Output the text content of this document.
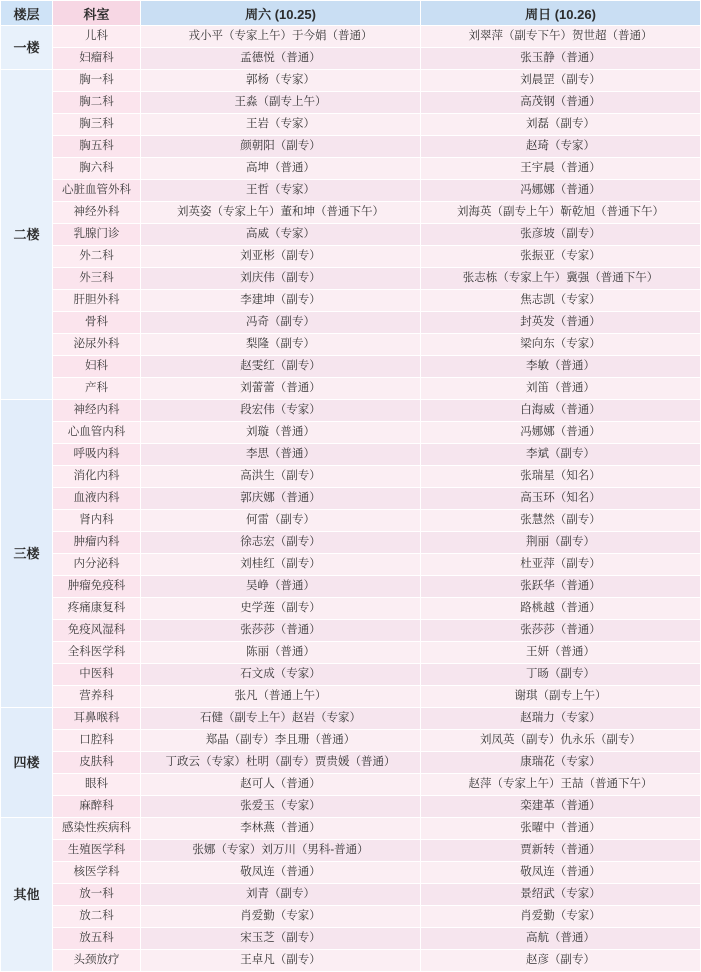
楼层	科室	周六 (10.25)	周日 (10.26)
一楼	儿科	戎小平（专家上午）于今娟（普通）	刘翠萍（副专下午）贺世超（普通）
	妇瘤科	孟德悦（普通）	张玉静（普通）
二楼	胸一科	郭杨（专家）	刘晨罡（副专）
	胸二科	王淼（副专上午）	高茂钢（普通）
	胸三科	王岩（专家）	刘磊（副专）
	胸五科	颜朝阳（副专）	赵琦（专家）
	胸六科	高坤（普通）	王宇晨（普通）
	心脏血管外科	王哲（专家）	冯娜娜（普通）
	神经外科	刘英姿（专家上午）董和坤（普通下午）	刘海英（副专上午）靳乾旭（普通下午）
	乳腺门诊	高威（专家）	张彦坡（副专）
	外二科	刘亚彬（副专）	张振亚（专家）
	外三科	刘庆伟（副专）	张志栋（专家上午）冀强（普通下午）
	肝胆外科	李建坤（副专）	焦志凯（专家）
	骨科	冯奇（副专）	封英发（普通）
	泌尿外科	梨隆（副专）	梁向东（专家）
	妇科	赵雯红（副专）	李敏（普通）
	产科	刘蕾蕾（普通）	刘笛（普通）
三楼	神经内科	段宏伟（专家）	白海威（普通）
	心血管内科	刘璇（普通）	冯娜娜（普通）
	呼吸内科	李思（普通）	李斌（副专）
	消化内科	高洪生（副专）	张瑞星（知名）
	血液内科	郭庆娜（普通）	高玉环（知名）
	肾内科	何雷（副专）	张慧然（副专）
	肿瘤内科	徐志宏（副专）	荆丽（副专）
	内分泌科	刘桂红（副专）	杜亚萍（副专）
	肿瘤免疫科	吴峥（普通）	张跃华（普通）
	疼痛康复科	史学莲（副专）	路桃越（普通）
	免疫风湿科	张莎莎（普通）	张莎莎（普通）
	全科医学科	陈丽（普通）	王妍（普通）
	中医科	石文成（专家）	丁旸（副专）
	营养科	张凡（普通上午）	谢琪（副专上午）
四楼	耳鼻喉科	石健（副专上午）赵岩（专家）	赵瑞力（专家）
	口腔科	郑晶（副专）李且珊（普通）	刘凤英（副专）仇永乐（副专）
	皮肤科	丁政云（专家）杜明（副专）贾贵媛（普通）	康瑞花（专家）
	眼科	赵可人（普通）	赵萍（专家上午）王喆（普通下午）
	麻醉科	张爱玉（专家）	栾建革（普通）
其他	感染性疾病科	李林燕（普通）	张曜中（普通）
	生殖医学科	张娜（专家）刘万川（男科-普通）	贾新转（普通）
	核医学科	敬凤连（普通）	敬凤连（普通）
	放一科	刘青（副专）	景绍武（专家）
	放二科	肖爱勤（专家）	肖爱勤（专家）
	放五科	宋玉芝（副专）	高航（普通）
	头颈放疗	王卓凡（副专）	赵彦（副专）
